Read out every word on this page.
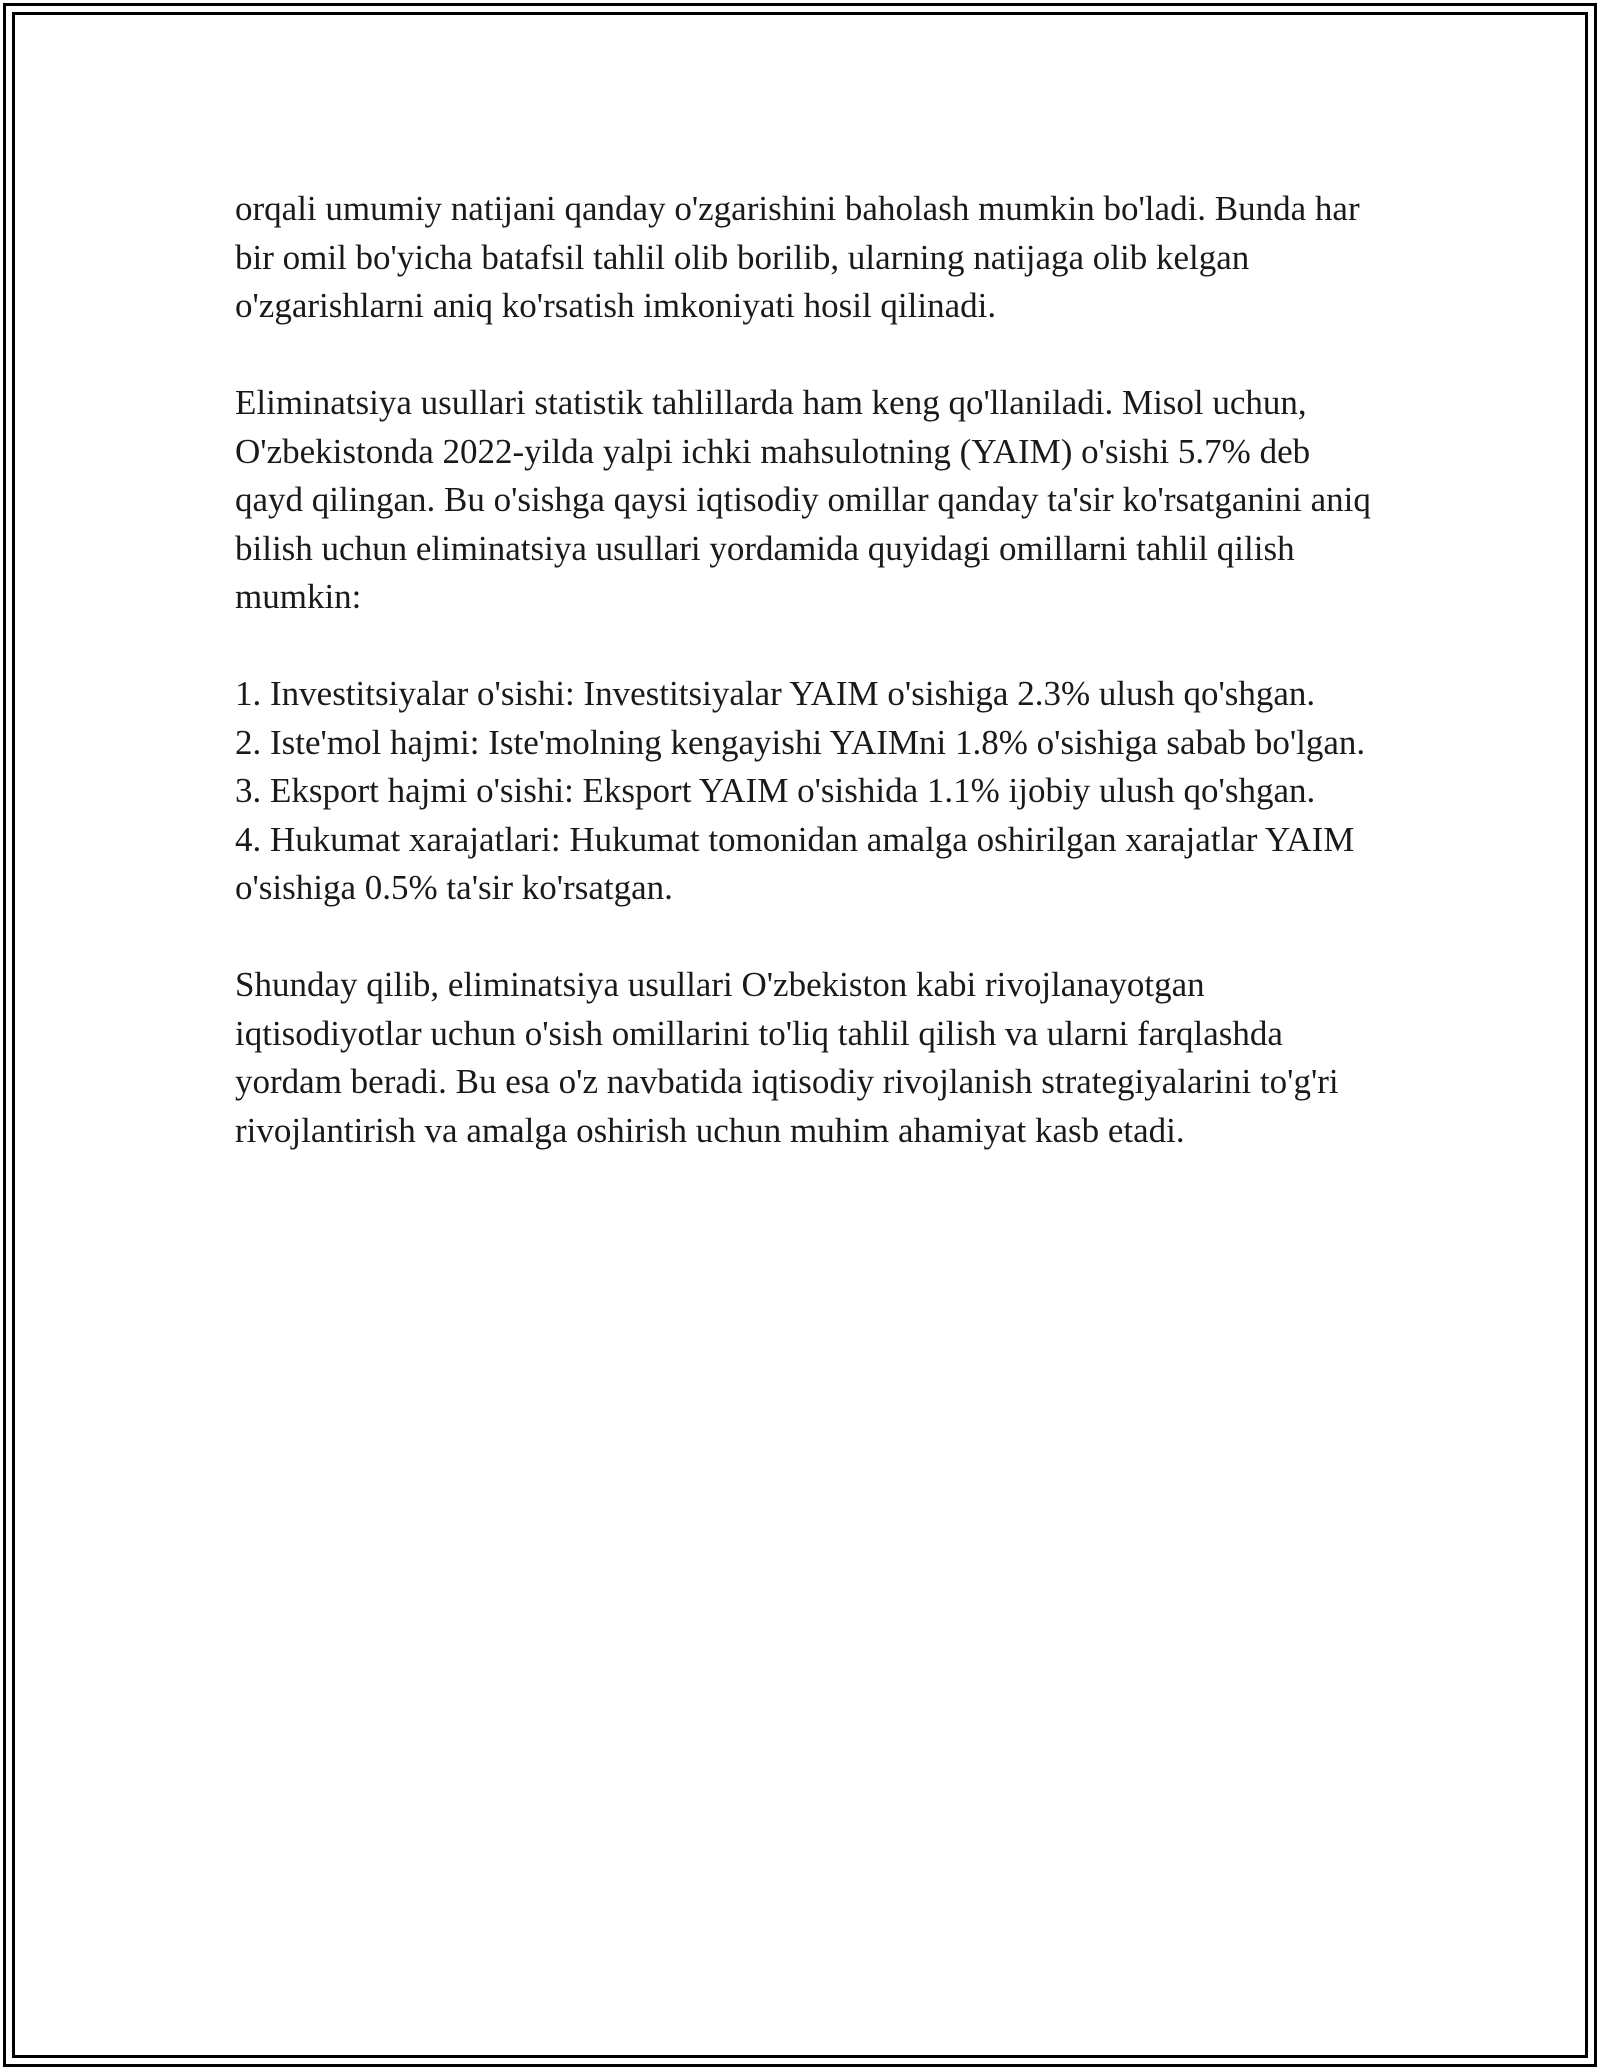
orqali umumiy natijani qanday o'zgarishini baholash mumkin bo'ladi. Bunda har bir omil bo'yicha batafsil tahlil olib borilib, ularning natijaga olib kelgan o'zgarishlarni aniq ko'rsatish imkoniyati hosil qilinadi.

Eliminatsiya usullari statistik tahlillarda ham keng qo'llaniladi. Misol uchun, O'zbekistonda 2022-yilda yalpi ichki mahsulotning (YAIM) o'sishi 5.7% deb qayd qilingan. Bu o'sishga qaysi iqtisodiy omillar qanday ta'sir ko'rsatganini aniq bilish uchun eliminatsiya usullari yordamida quyidagi omillarni tahlil qilish mumkin:

1. Investitsiyalar o'sishi: Investitsiyalar YAIM o'sishiga 2.3% ulush qo'shgan.
2. Iste'mol hajmi: Iste'molning kengayishi YAIMni 1.8% o'sishiga sabab bo'lgan.
3. Eksport hajmi o'sishi: Eksport YAIM o'sishida 1.1% ijobiy ulush qo'shgan.
4. Hukumat xarajatlari: Hukumat tomonidan amalga oshirilgan xarajatlar YAIM o'sishiga 0.5% ta'sir ko'rsatgan.

Shunday qilib, eliminatsiya usullari O'zbekiston kabi rivojlanayotgan iqtisodiyotlar uchun o'sish omillarini to'liq tahlil qilish va ularni farqlashda yordam beradi. Bu esa o'z navbatida iqtisodiy rivojlanish strategiyalarini to'g'ri rivojlantirish va amalga oshirish uchun muhim ahamiyat kasb etadi.
